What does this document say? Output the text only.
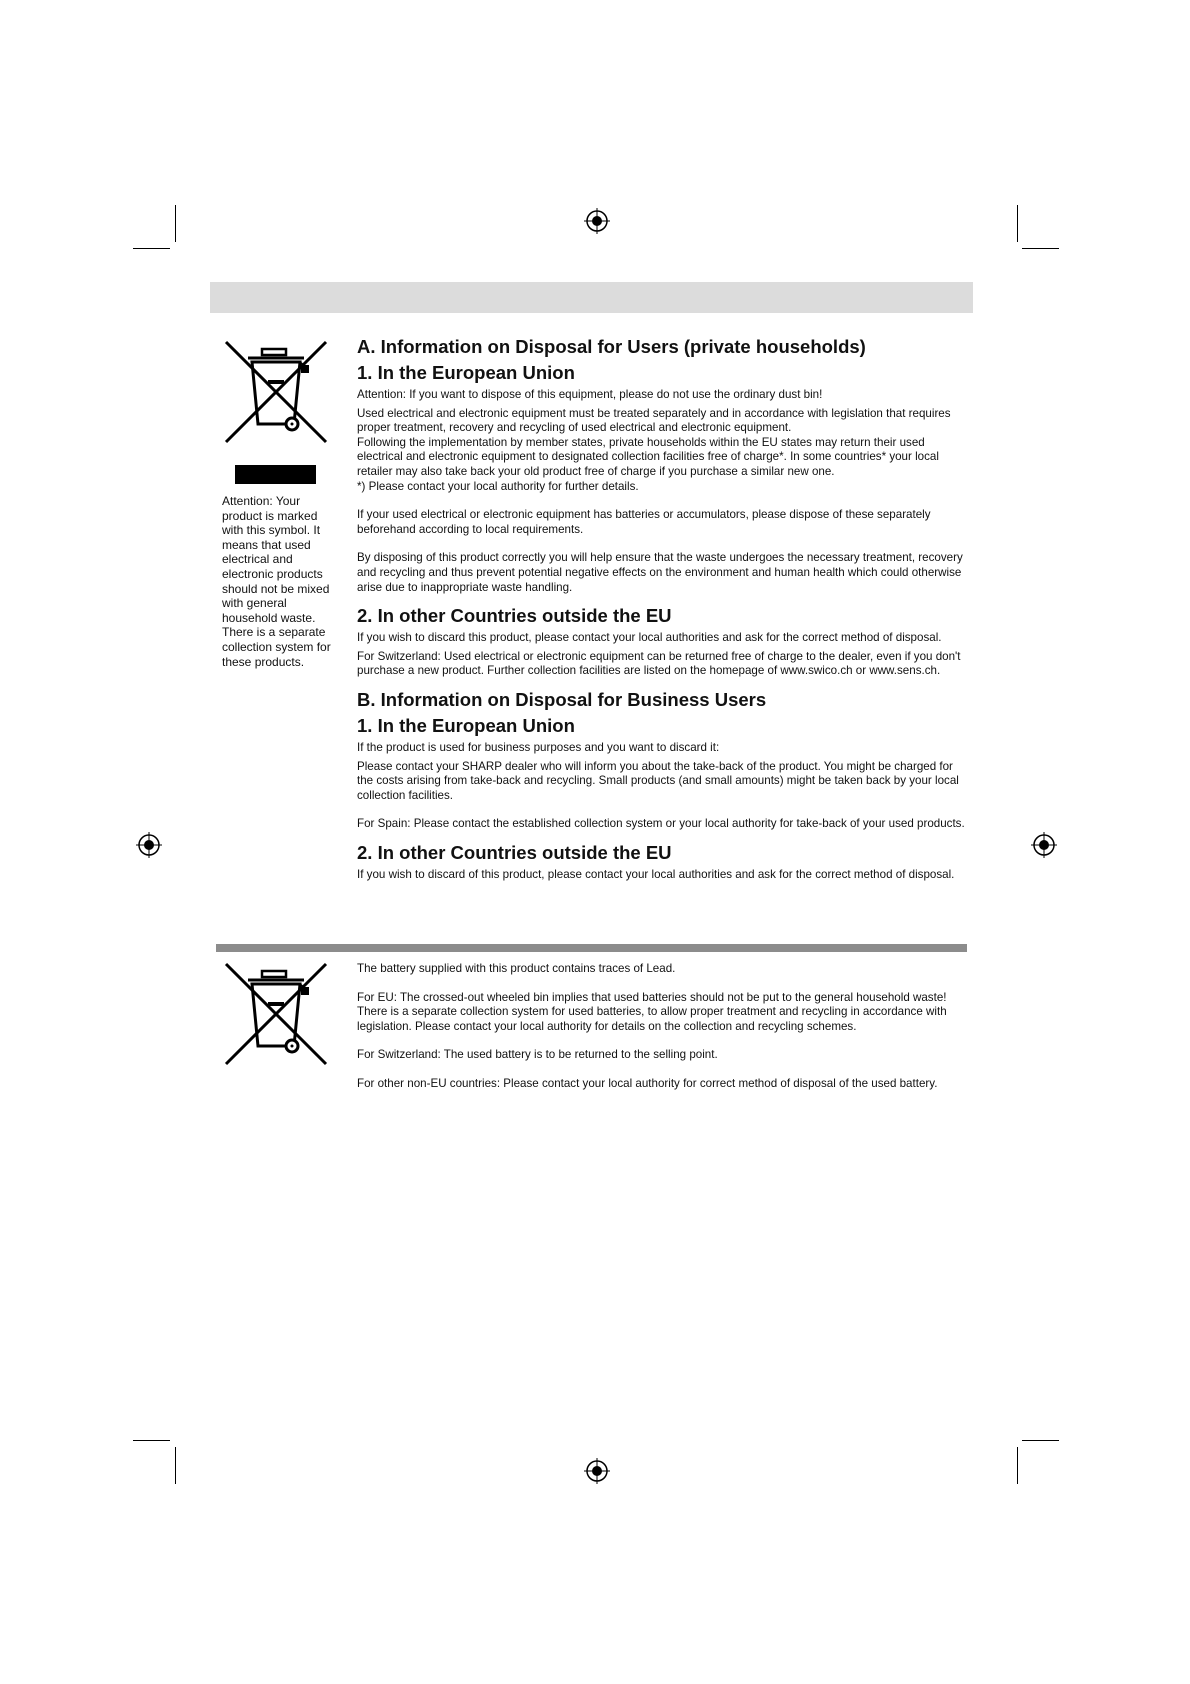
Attention: Your product is marked with this symbol. It means that used electrical and electronic products should not be mixed with general household waste. There is a separate collection system for these products.

A. Information on Disposal for Users (private households)
1. In the European Union

Attention: If you want to dispose of this equipment, please do not use the ordinary dust bin!

Used electrical and electronic equipment must be treated separately and in accordance with legislation that requires proper treatment, recovery and recycling of used electrical and electronic equipment.

Following the implementation by member states, private households within the EU states may return their used electrical and electronic equipment to designated collection facilities free of charge*. In some countries* your local retailer may also take back your old product free of charge if you purchase a similar new one.

*) Please contact your local authority for further details.

If your used electrical or electronic equipment has batteries or accumulators, please dispose of these separately beforehand according to local requirements.

By disposing of this product correctly you will help ensure that the waste undergoes the necessary treatment, recovery and recycling and thus prevent potential negative effects on the environment and human health which could otherwise arise due to inappropriate waste handling.

2. In other Countries outside the EU

If you wish to discard this product, please contact your local authorities and ask for the correct method of disposal.

For Switzerland: Used electrical or electronic equipment can be returned free of charge to the dealer, even if you don't purchase a new product. Further collection facilities are listed on the homepage of www.swico.ch or www.sens.ch.

B. Information on Disposal for Business Users
1. In the European Union

If the product is used for business purposes and you want to discard it:

Please contact your SHARP dealer who will inform you about the take-back of the product. You might be charged for the costs arising from take-back and recycling. Small products (and small amounts) might be taken back by your local collection facilities.

For Spain: Please contact the established collection system or your local authority for take-back of your used products.

2. In other Countries outside the EU

If you wish to discard of this product, please contact your local authorities and ask for the correct method of disposal.

The battery supplied with this product contains traces of Lead.

For EU: The crossed-out wheeled bin implies that used batteries should not be put to the general household waste! There is a separate collection system for used batteries, to allow proper treatment and recycling in accordance with legislation. Please contact your local authority for details on the collection and recycling schemes.

For Switzerland: The used battery is to be returned to the selling point.

For other non-EU countries: Please contact your local authority for correct method of disposal of the used battery.
